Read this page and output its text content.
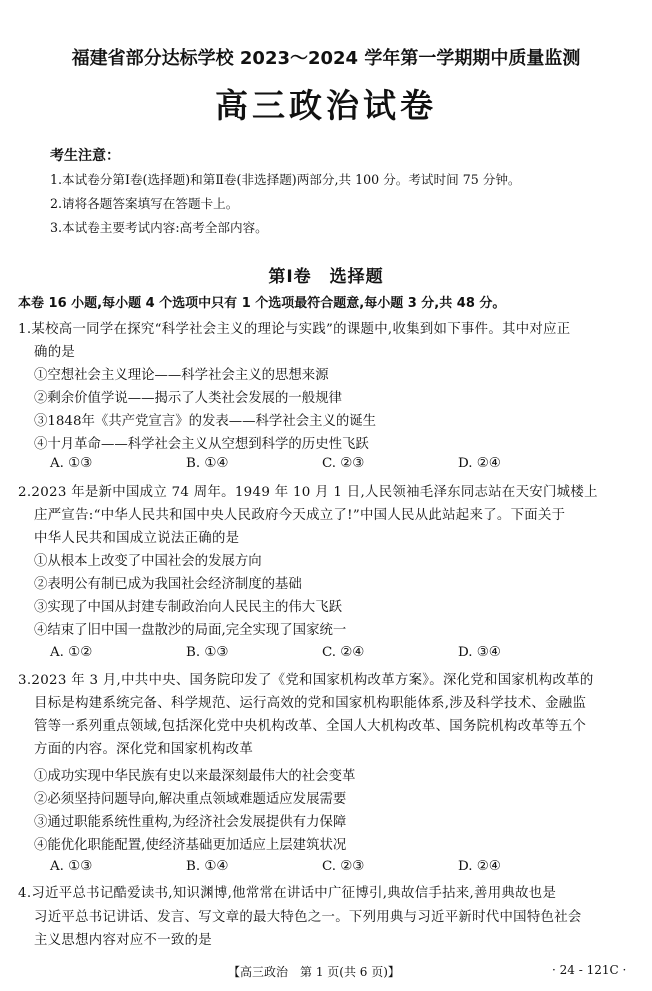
福建省部分达标学校 2023～2024 学年第一学期期中质量监测
高三政治试卷
考生注意：
1.本试卷分第Ⅰ卷(选择题)和第Ⅱ卷(非选择题)两部分,共 100 分。考试时间 75 分钟。
2.请将各题答案填写在答题卡上。
3.本试卷主要考试内容:高考全部内容。
第Ⅰ卷　选择题
本卷 16 小题,每小题 4 个选项中只有 1 个选项最符合题意,每小题 3 分,共 48 分。
1.某校高一同学在探究“科学社会主义的理论与实践”的课题中,收集到如下事件。其中对应正
确的是
①空想社会主义理论——科学社会主义的思想来源
②剩余价值学说——揭示了人类社会发展的一般规律
③1848年《共产党宣言》的发表——科学社会主义的诞生
④十月革命——科学社会主义从空想到科学的历史性飞跃
A. ①③	B. ①④	C. ②③	D. ②④
2.2023 年是新中国成立 74 周年。1949 年 10 月 1 日,人民领袖毛泽东同志站在天安门城楼上
庄严宣告:“中华人民共和国中央人民政府今天成立了!”中国人民从此站起来了。下面关于
中华人民共和国成立说法正确的是
①从根本上改变了中国社会的发展方向
②表明公有制已成为我国社会经济制度的基础
③实现了中国从封建专制政治向人民民主的伟大飞跃
④结束了旧中国一盘散沙的局面,完全实现了国家统一
A. ①②	B. ①③	C. ②④	D. ③④
3.2023 年 3 月,中共中央、国务院印发了《党和国家机构改革方案》。深化党和国家机构改革的
目标是构建系统完备、科学规范、运行高效的党和国家机构职能体系,涉及科学技术、金融监
管等一系列重点领域,包括深化党中央机构改革、全国人大机构改革、国务院机构改革等五个
方面的内容。深化党和国家机构改革
①成功实现中华民族有史以来最深刻最伟大的社会变革
②必须坚持问题导向,解决重点领域难题适应发展需要
③通过职能系统性重构,为经济社会发展提供有力保障
④能优化职能配置,使经济基础更加适应上层建筑状况
A. ①③	B. ①④	C. ②③	D. ②④
4.习近平总书记酷爱读书,知识渊博,他常常在讲话中广征博引,典故信手拈来,善用典故也是
习近平总书记讲话、发言、写文章的最大特色之一。下列用典与习近平新时代中国特色社会
主义思想内容对应不一致的是
【高三政治　第 1 页(共 6 页)】	· 24 - 121C ·
